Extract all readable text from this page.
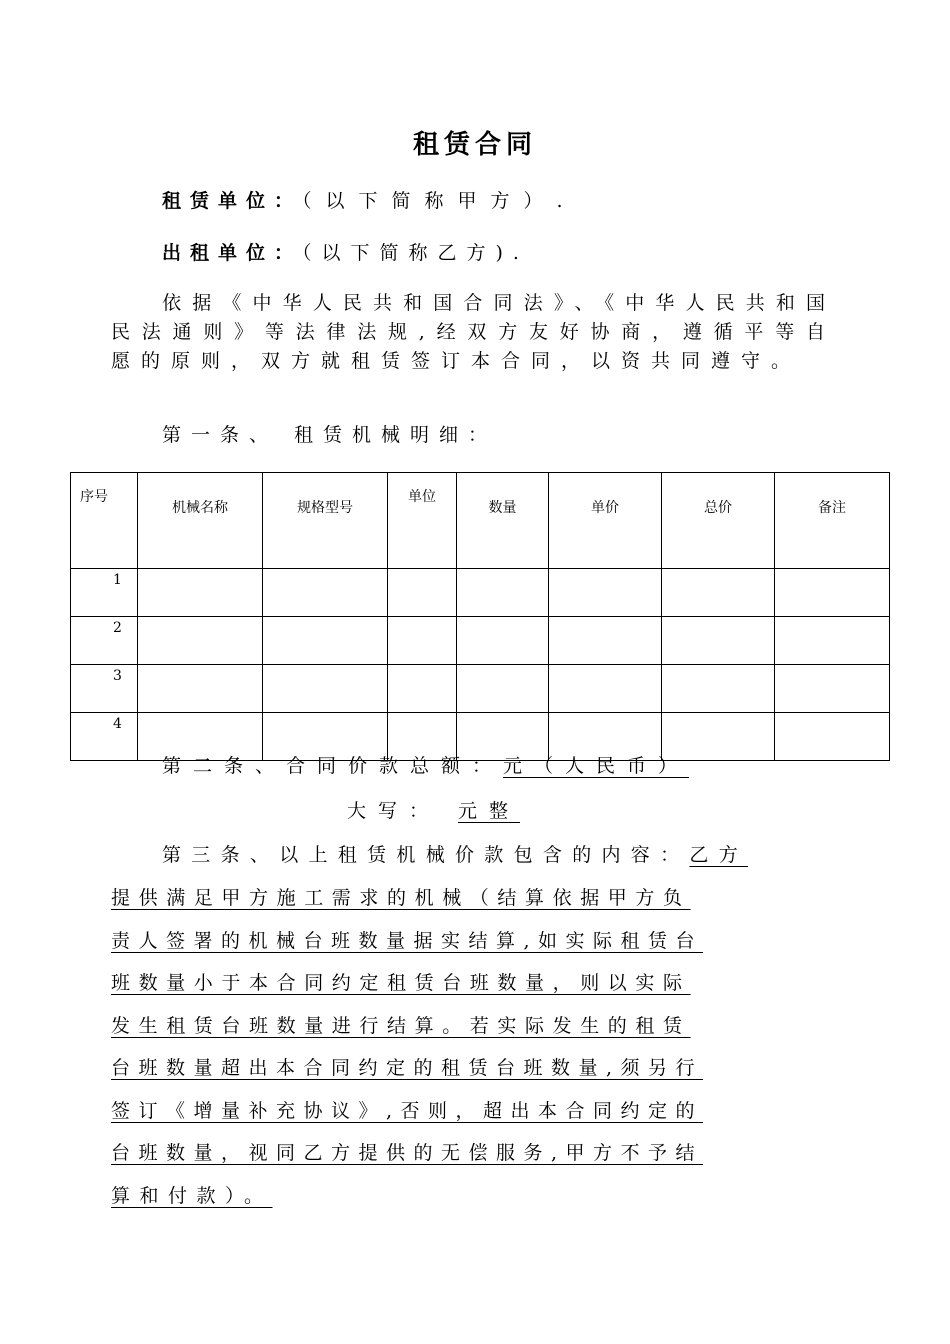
租赁合同
租赁单位：（以下简称甲方）.
出租单位：（以下简称乙方).
依据《中华人民共和国合同法》、《中华人民共和国民法通则》等法律法规,经双方友好协商，遵循平等自愿的原则，双方就租赁签订本合同，以资共同遵守。
第一条、 租赁机械明细：
序号	机械名称	规格型号	单位	数量	单价	总价	备注
1							
2							
3							
4							
第二条、合同价款总额：元（人民币）
大写： 元整
第三条、以上租赁机械价款包含的内容：乙方
提供满足甲方施工需求的机械（结算依据甲方负
责人签署的机械台班数量据实结算,如实际租赁台
班数量小于本合同约定租赁台班数量，则以实际
发生租赁台班数量进行结算。若实际发生的租赁
台班数量超出本合同约定的租赁台班数量,须另行
签订《增量补充协议》,否则，超出本合同约定的
台班数量，视同乙方提供的无偿服务,甲方不予结
算和付款）。
